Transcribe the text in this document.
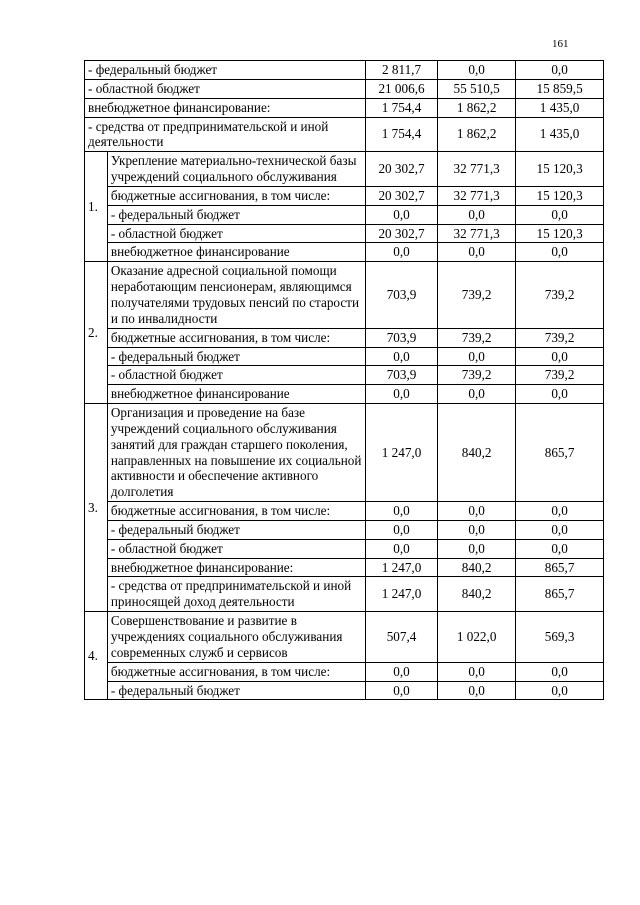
161
- федеральный бюджет		2 811,7	0,0	0,0
- областной бюджет		21 006,6	55 510,5	15 859,5
внебюджетное финансирование:		1 754,4	1 862,2	1 435,0
- средства от предпринимательской и иной деятельности		1 754,4	1 862,2	1 435,0
1.	Укрепление материально-технической базы учреждений социального обслуживания	20 302,7	32 771,3	15 120,3
	бюджетные ассигнования, в том числе:	20 302,7	32 771,3	15 120,3
	- федеральный бюджет	0,0	0,0	0,0
	- областной бюджет	20 302,7	32 771,3	15 120,3
	внебюджетное финансирование	0,0	0,0	0,0
2.	Оказание адресной социальной помощи неработающим пенсионерам, являющимся получателями трудовых пенсий по старости и по инвалидности	703,9	739,2	739,2
	бюджетные ассигнования, в том числе:	703,9	739,2	739,2
	- федеральный бюджет	0,0	0,0	0,0
	- областной бюджет	703,9	739,2	739,2
	внебюджетное финансирование	0,0	0,0	0,0
3.	Организация и проведение на базе учреждений социального обслуживания занятий для граждан старшего поколения, направленных на повышение их социальной активности и обеспечение активного долголетия	1 247,0	840,2	865,7
	бюджетные ассигнования, в том числе:	0,0	0,0	0,0
	- федеральный бюджет	0,0	0,0	0,0
	- областной бюджет	0,0	0,0	0,0
	внебюджетное финансирование:	1 247,0	840,2	865,7
	- средства от предпринимательской и иной приносящей доход деятельности	1 247,0	840,2	865,7
4.	Совершенствование и развитие в учреждениях социального обслуживания современных служб и сервисов	507,4	1 022,0	569,3
	бюджетные ассигнования, в том числе:	0,0	0,0	0,0
	- федеральный бюджет	0,0	0,0	0,0
